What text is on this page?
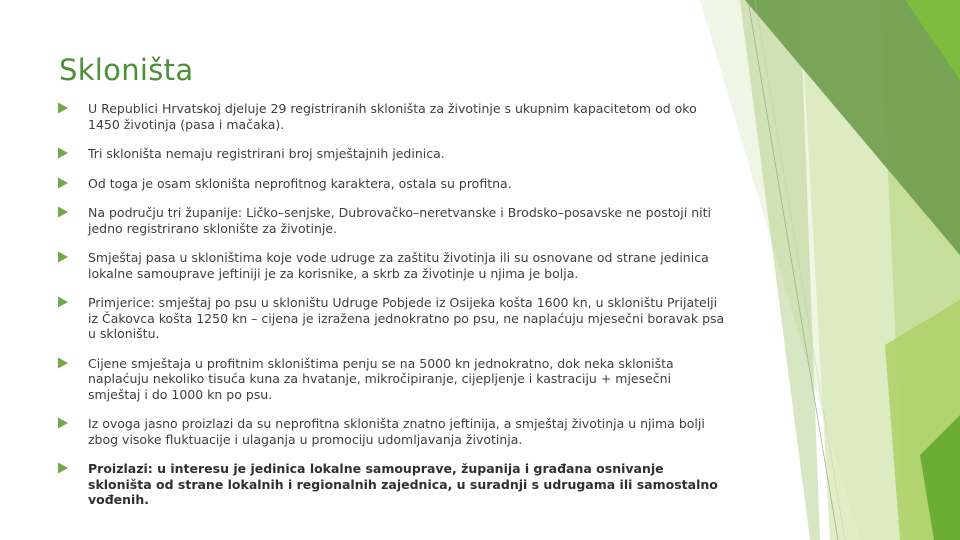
Skloništa
U Republici Hrvatskoj djeluje 29 registriranih skloništa za životinje s ukupnim kapacitetom od oko 1450 životinja (pasa i mačaka).
Tri skloništa nemaju registrirani broj smještajnih jedinica.
Od toga je osam skloništa neprofitnog karaktera, ostala su profitna.
Na području tri županije: Ličko–senjske, Dubrovačko–neretvanske i Brodsko–posavske ne postoji niti jedno registrirano sklonište za životinje.
Smještaj pasa u skloništima koje vode udruge za zaštitu životinja ili su osnovane od strane jedinica lokalne samouprave jeftiniji je za korisnike, a skrb za životinje u njima je bolja.
Primjerice: smještaj po psu u skloništu Udruge Pobjede iz Osijeka košta 1600 kn, u skloništu Prijatelji iz Čakovca košta 1250 kn – cijena je izražena jednokratno po psu, ne naplaćuju mjesečni boravak psa u skloništu.
Cijene smještaja u profitnim skloništima penju se na 5000 kn jednokratno, dok neka skloništa naplaćuju nekoliko tisuća kuna za hvatanje, mikročipiranje, cijepljenje i kastraciju + mjesečni smještaj i do 1000 kn po psu.
Iz ovoga jasno proizlazi da su neprofitna skloništa znatno jeftinija, a smještaj životinja u njima bolji zbog visoke fluktuacije i ulaganja u promociju udomljavanja životinja.
Proizlazi: u interesu je jedinica lokalne samouprave, županija i građana osnivanje skloništa od strane lokalnih i regionalnih zajednica, u suradnji s udrugama ili samostalno vođenih.
